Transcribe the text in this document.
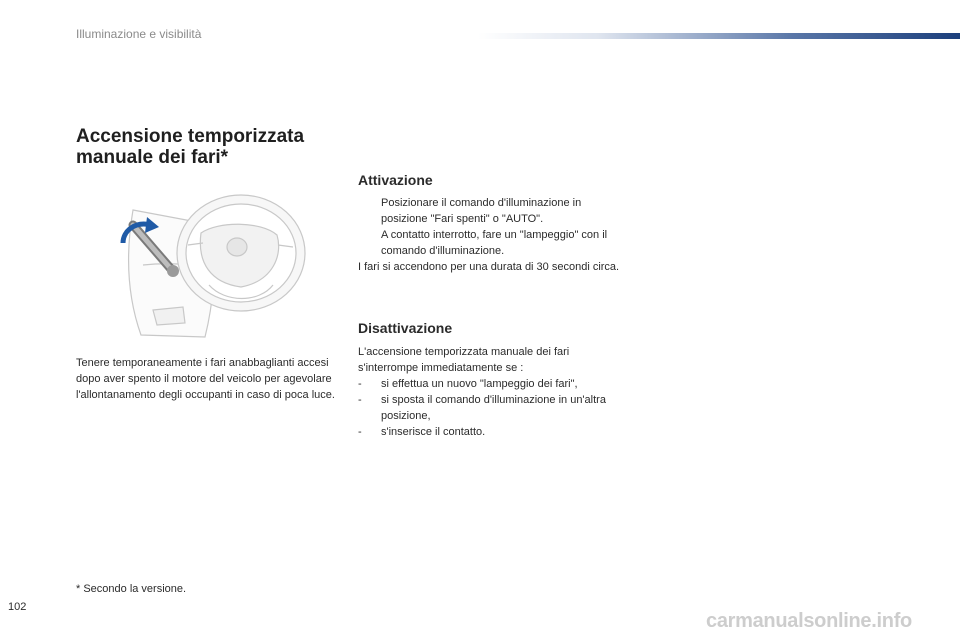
Illuminazione e visibilità
Accensione temporizzata
manuale dei fari*
Tenere temporaneamente i fari anabbaglianti accesi dopo aver spento il motore del veicolo per agevolare l'allontanamento degli occupanti in caso di poca luce.
Attivazione
Posizionare il comando d'illuminazione in posizione "Fari spenti" o "AUTO".
A contatto interrotto, fare un "lampeggio" con il comando d'illuminazione.
I fari si accendono per una durata di 30 secondi circa.
Disattivazione
L'accensione temporizzata manuale dei fari s'interrompe immediatamente se :
-	si effettua un nuovo "lampeggio dei fari",
-	si sposta il comando d'illuminazione in un'altra posizione,
-	s'inserisce il contatto.
* Secondo la versione.
102
carmanualsonline.info
